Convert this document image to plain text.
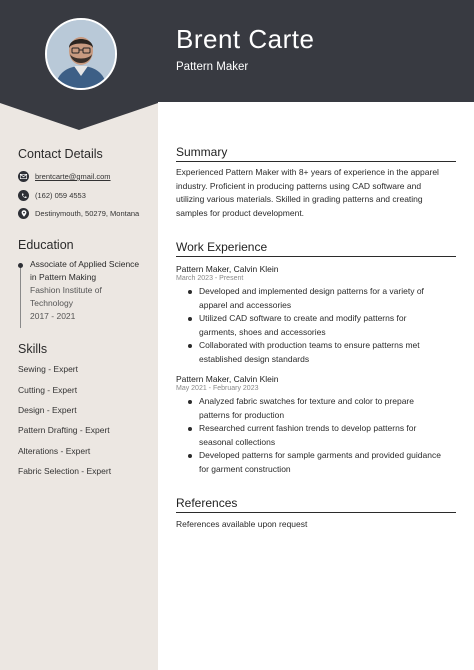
Brent Carte
Pattern Maker
Contact Details
brentcarte@gmail.com
(162) 059 4553
Destinymouth, 50279, Montana
Education
Associate of Applied Science
in Pattern Making
Fashion Institute of
Technology
2017 - 2021
Skills
Sewing - Expert
Cutting - Expert
Design - Expert
Pattern Drafting - Expert
Alterations - Expert
Fabric Selection - Expert
Summary
Experienced Pattern Maker with 8+ years of experience in the apparel
industry. Proficient in producing patterns using CAD software and
utilizing various materials. Skilled in grading patterns and creating
samples for product development.
Work Experience
Pattern Maker, Calvin Klein
March 2023 - Present
Developed and implemented design patterns for a variety of
apparel and accessories
Utilized CAD software to create and modify patterns for
garments, shoes and accessories
Collaborated with production teams to ensure patterns met
established design standards
Pattern Maker, Calvin Klein
May 2021 - February 2023
Analyzed fabric swatches for texture and color to prepare
patterns for production
Researched current fashion trends to develop patterns for
seasonal collections
Developed patterns for sample garments and provided guidance
for garment construction
References
References available upon request
